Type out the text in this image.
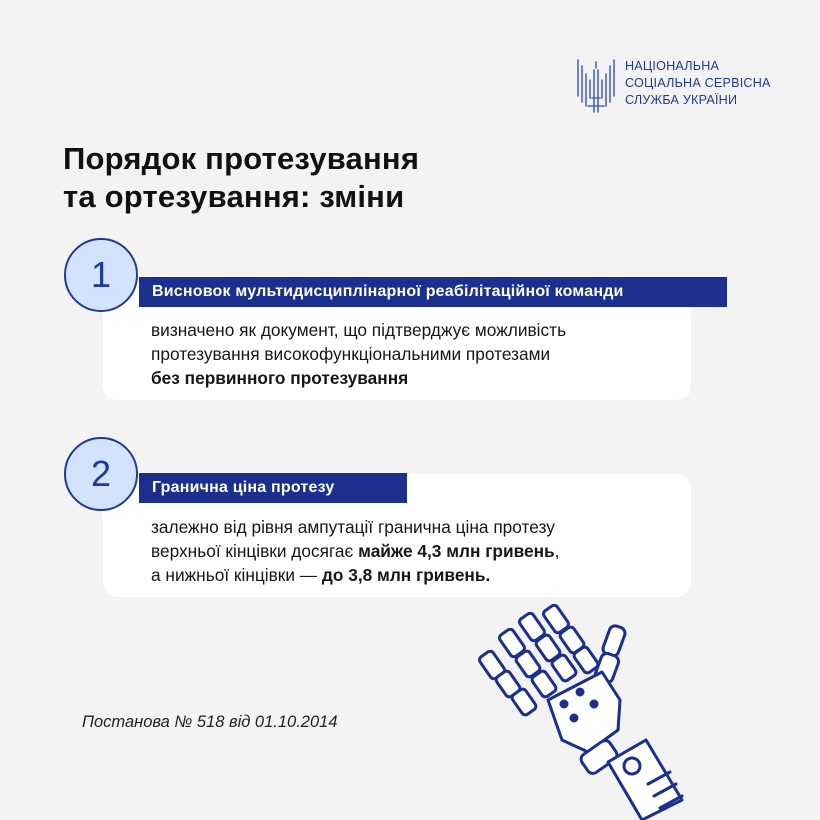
НАЦІОНАЛЬНА
СОЦІАЛЬНА СЕРВІСНА
СЛУЖБА УКРАЇНИ
Порядок протезування
та ортезування: зміни
Висновок мультидисциплінарної реабілітаційної команди
1
визначено як документ, що підтверджує можливість
протезування високофункціональними протезами
без первинного протезування
Гранична ціна протезу
2
залежно від рівня ампутації гранична ціна протезу
верхньої кінцівки досягає майже 4,3 млн гривень,
а нижньої кінцівки — до 3,8 млн гривень.
Постанова № 518 від 01.10.2014
